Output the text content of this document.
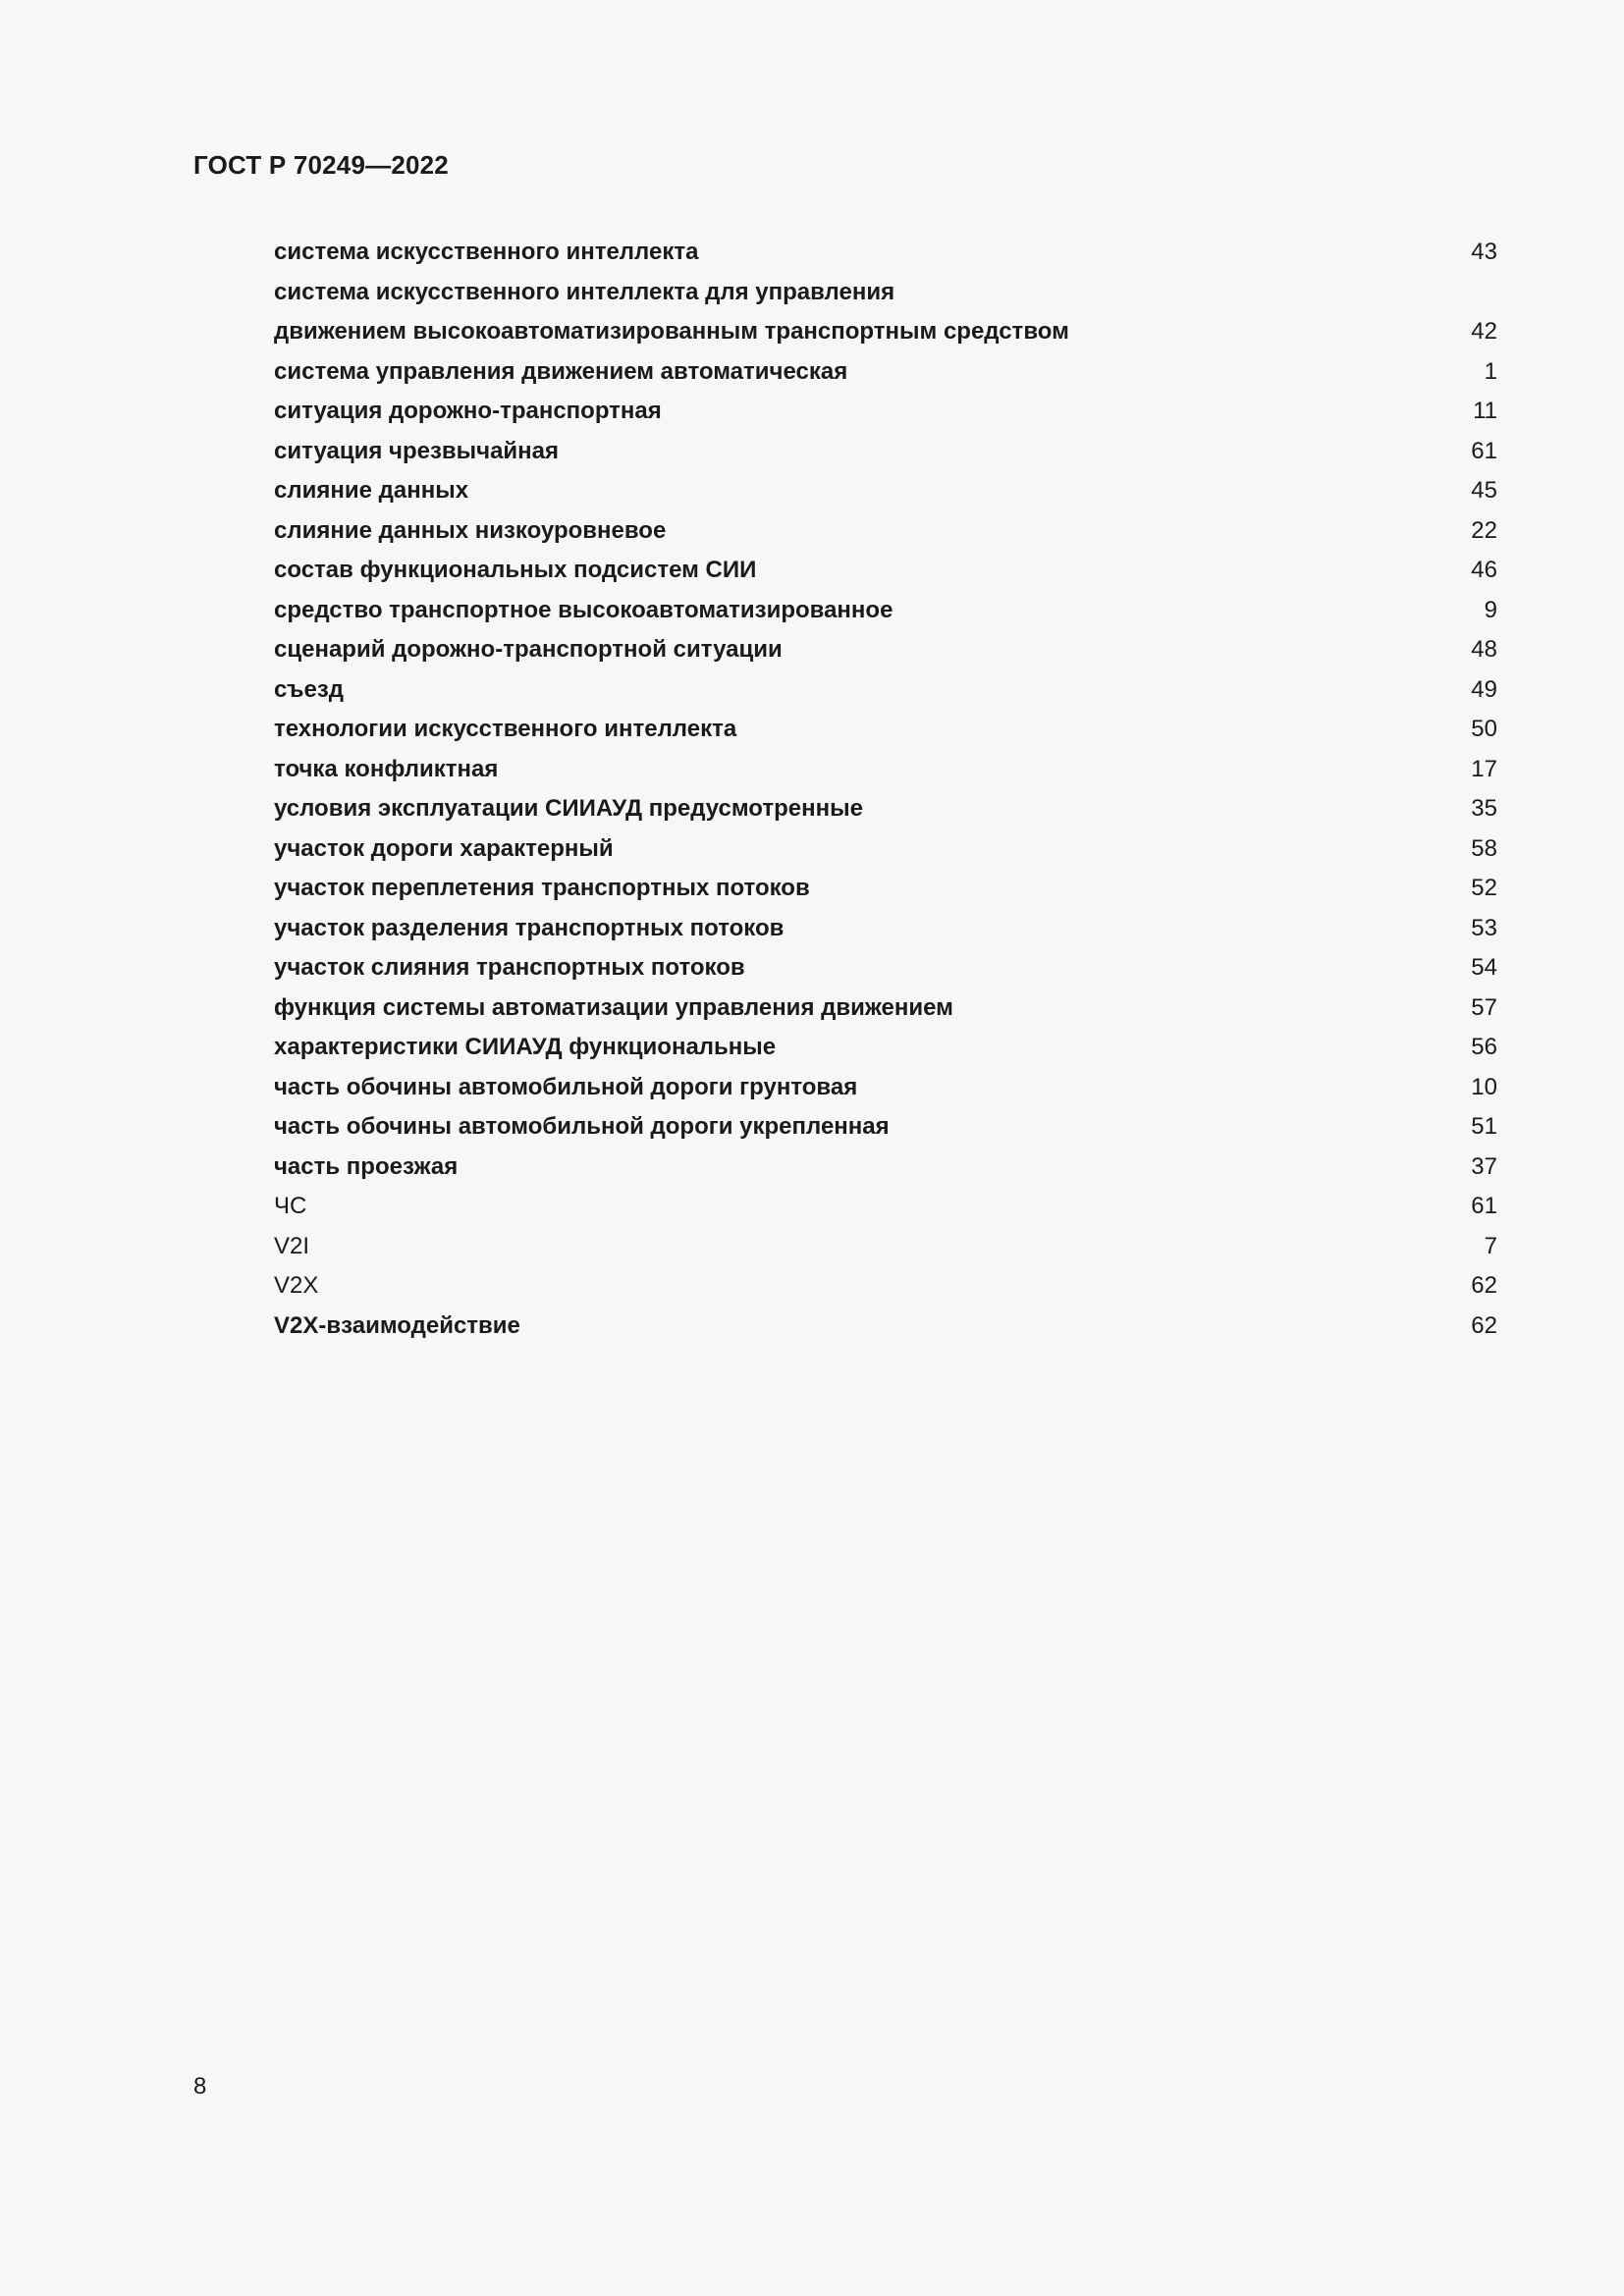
ГОСТ Р 70249—2022
система искусственного интеллекта	43
система искусственного интеллекта для управления
движением высокоавтоматизированным транспортным средством	42
система управления движением автоматическая	1
ситуация дорожно-транспортная	11
ситуация чрезвычайная	61
слияние данных	45
слияние данных низкоуровневое	22
состав функциональных подсистем СИИ	46
средство транспортное высокоавтоматизированное	9
сценарий дорожно-транспортной ситуации	48
съезд	49
технологии искусственного интеллекта	50
точка конфликтная	17
условия эксплуатации СИИАУД предусмотренные	35
участок дороги характерный	58
участок переплетения транспортных потоков	52
участок разделения транспортных потоков	53
участок слияния транспортных потоков	54
функция системы автоматизации управления движением	57
характеристики СИИАУД функциональные	56
часть обочины автомобильной дороги грунтовая	10
часть обочины автомобильной дороги укрепленная	51
часть проезжая	37
ЧС	61
V2I	7
V2X	62
V2X-взаимодействие	62
8
